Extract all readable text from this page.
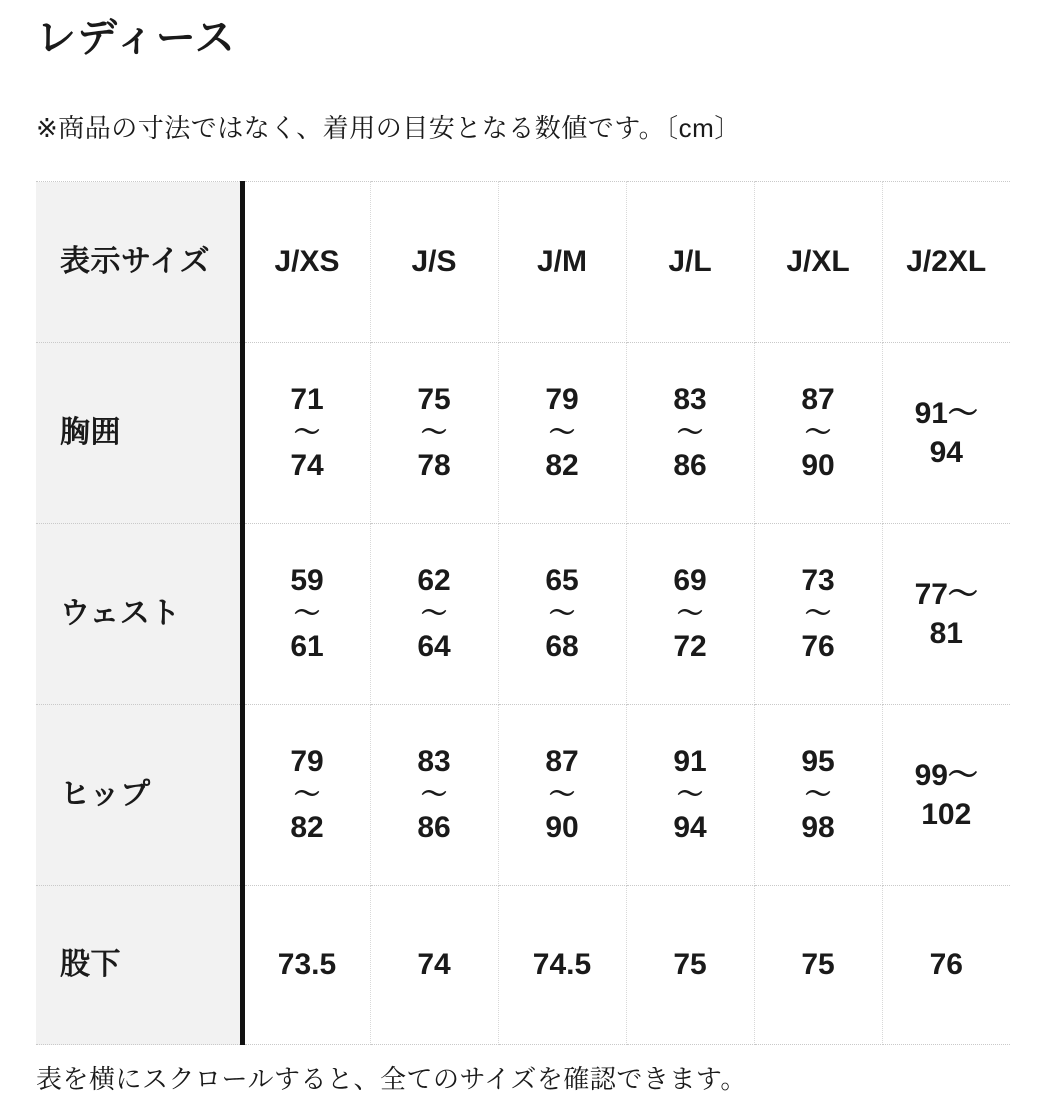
レディース

※商品の寸法ではなく、着用の目安となる数値です。〔cm〕

表示サイズ	J/XS	J/S	J/M	J/L	J/XL	J/2XL
胸囲	71
〜
74	75
〜
78	79
〜
82	83
〜
86	87
〜
90	91〜
94

ウェスト	59
〜
61	62
〜
64	65
〜
68	69
〜
72	73
〜
76	77〜
81

ヒップ	79
〜
82	83
〜
86	87
〜
90	91
〜
94	95
〜
98	99〜
102

股下	73.5	74	74.5	75	75	76

表を横にスクロールすると、全てのサイズを確認できます。
